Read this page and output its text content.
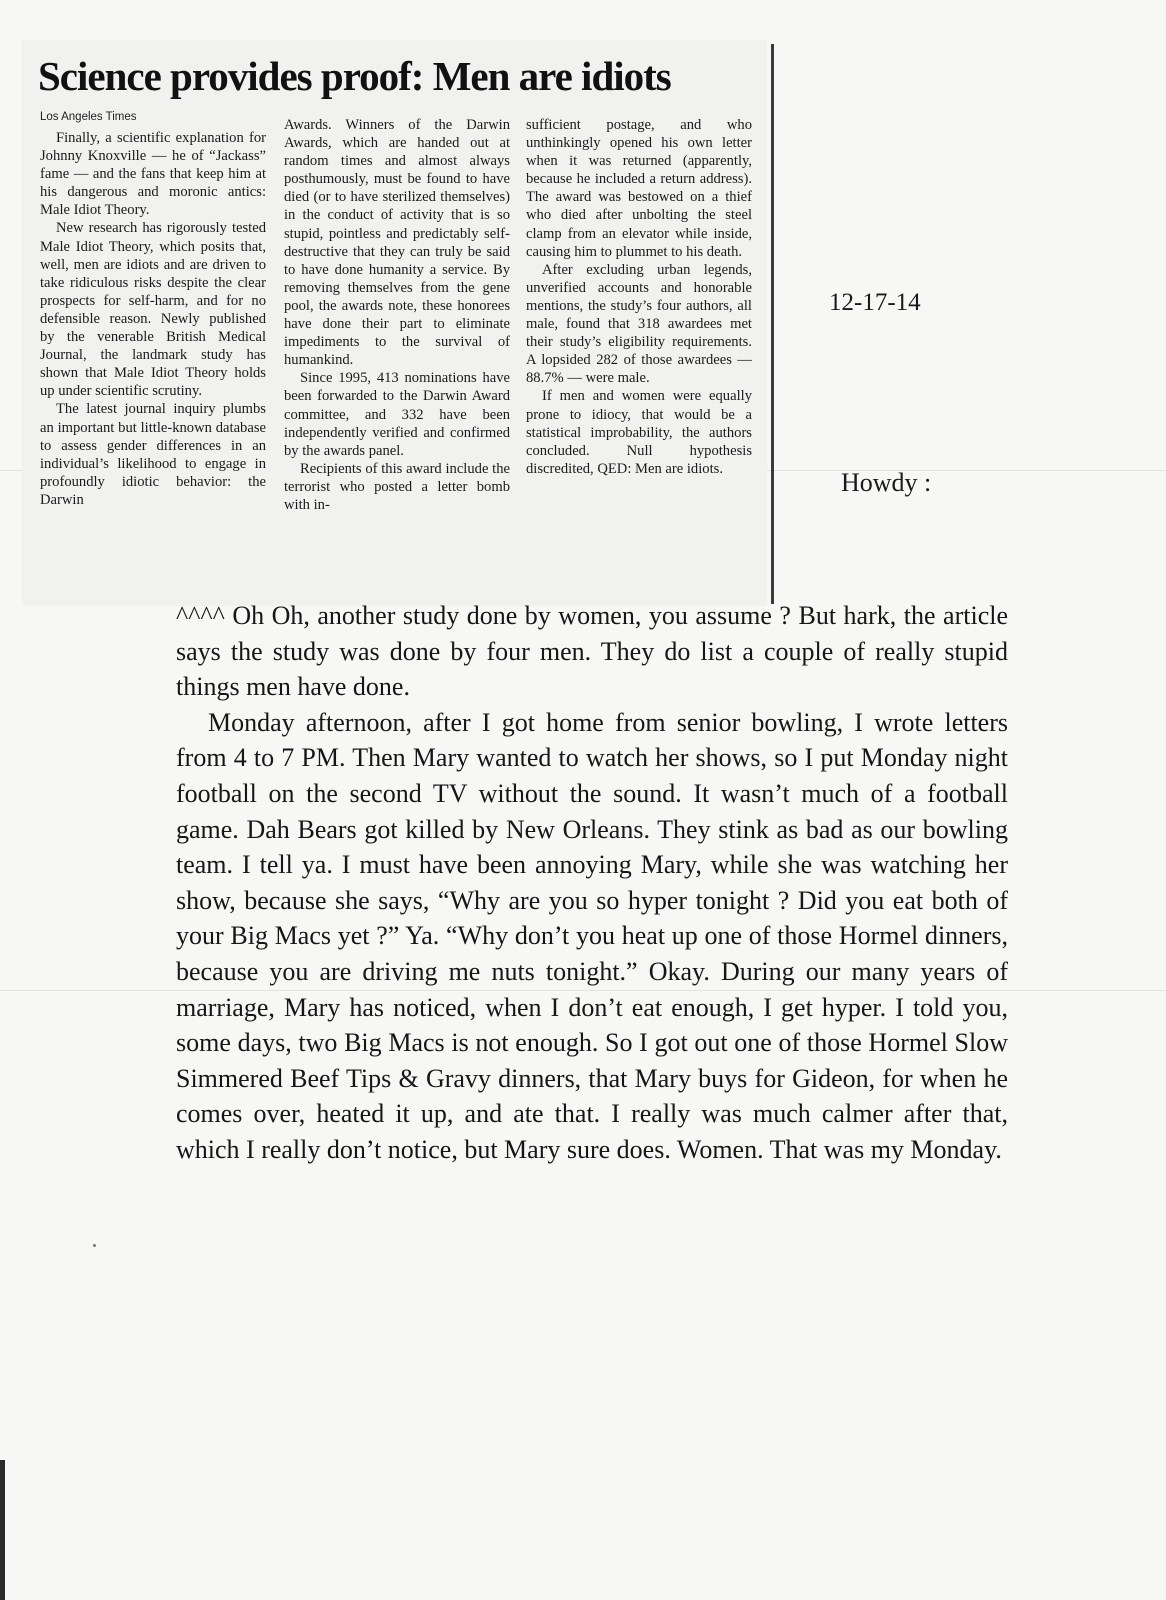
Science provides proof: Men are idiots
Los Angeles Times

Finally, a scientific explanation for Johnny Knoxville — he of “Jackass” fame — and the fans that keep him at his dangerous and moronic antics: Male Idiot Theory.

New research has rigorously tested Male Idiot Theory, which posits that, well, men are idiots and are driven to take ridiculous risks despite the clear prospects for self-harm, and for no defensible reason. Newly published by the venerable British Medical Journal, the landmark study has shown that Male Idiot Theory holds up under scientific scrutiny.

The latest journal inquiry plumbs an important but little-known database to assess gender differences in an individual’s likelihood to engage in profoundly idiotic behavior: the Darwin

Awards. Winners of the Darwin Awards, which are handed out at random times and almost always posthumously, must be found to have died (or to have sterilized themselves) in the conduct of activity that is so stupid, pointless and predictably self-destructive that they can truly be said to have done humanity a service. By removing themselves from the gene pool, the awards note, these honorees have done their part to eliminate impediments to the survival of humankind.

Since 1995, 413 nominations have been forwarded to the Darwin Award committee, and 332 have been independently verified and confirmed by the awards panel.

Recipients of this award include the terrorist who posted a letter bomb with in-

sufficient postage, and who unthinkingly opened his own letter when it was returned (apparently, because he included a return address). The award was bestowed on a thief who died after unbolting the steel clamp from an elevator while inside, causing him to plummet to his death.

After excluding urban legends, unverified accounts and honorable mentions, the study’s four authors, all male, found that 318 awardees met their study’s eligibility requirements. A lopsided 282 of those awardees — 88.7% — were male.

If men and women were equally prone to idiocy, that would be a statistical improbability, the authors concluded. Null hypothesis discredited, QED: Men are idiots.

12-17-14
Howdy :

^^^^ Oh Oh, another study done by women, you assume ? But hark, the article says the study was done by four men. They do list a couple of really stupid things men have done.

Monday afternoon, after I got home from senior bowling, I wrote letters from 4 to 7 PM. Then Mary wanted to watch her shows, so I put Monday night football on the second TV without the sound. It wasn’t much of a football game. Dah Bears got killed by New Orleans. They stink as bad as our bowling team. I tell ya. I must have been annoying Mary, while she was watching her show, because she says, “Why are you so hyper tonight ? Did you eat both of your Big Macs yet ?” Ya. “Why don’t you heat up one of those Hormel dinners, because you are driving me nuts tonight.” Okay. During our many years of marriage, Mary has noticed, when I don’t eat enough, I get hyper. I told you, some days, two Big Macs is not enough. So I got out one of those Hormel Slow Simmered Beef Tips & Gravy dinners, that Mary buys for Gideon, for when he comes over, heated it up, and ate that. I really was much calmer after that, which I really don’t notice, but Mary sure does. Women. That was my Monday.
